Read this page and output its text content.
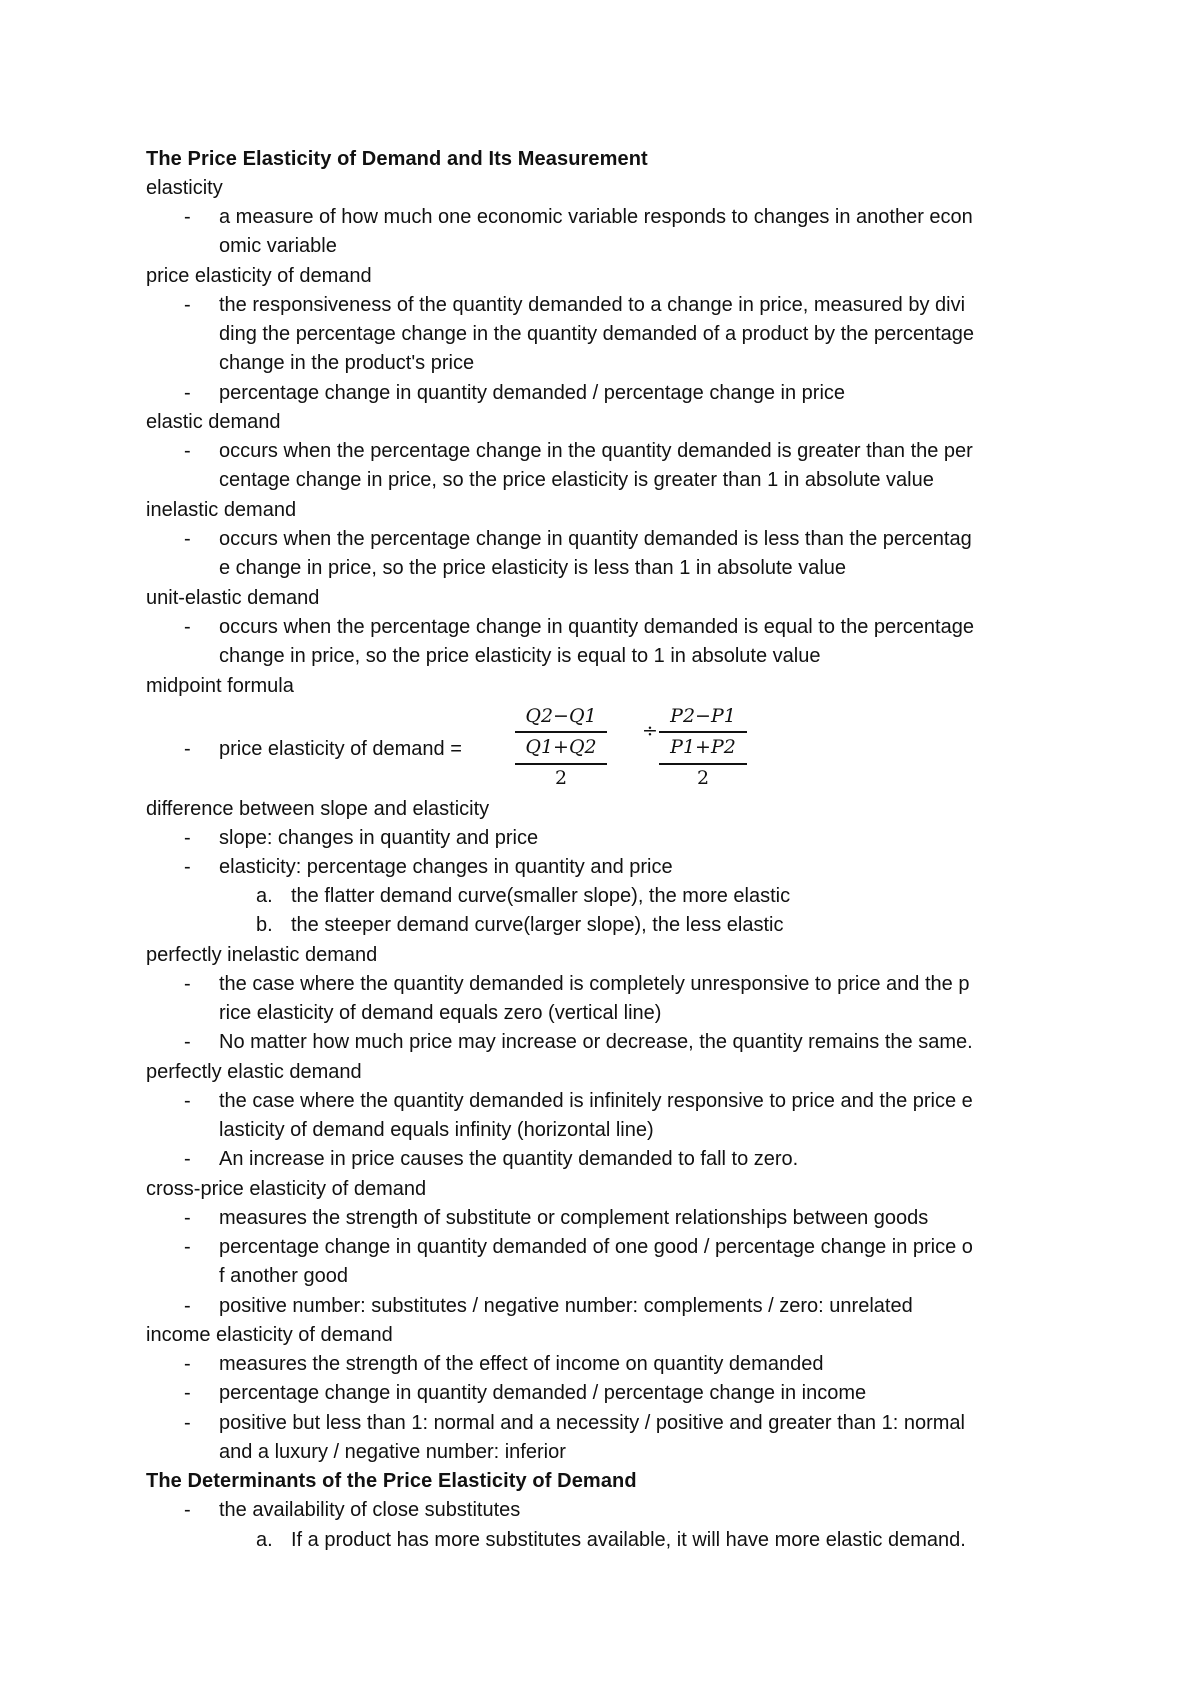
The Price Elasticity of Demand and Its Measurement
elasticity
- a measure of how much one economic variable responds to changes in another econ
omic variable
price elasticity of demand
- the responsiveness of the quantity demanded to a change in price, measured by divi
ding the percentage change in the quantity demanded of a product by the percentage
change in the product's price
- percentage change in quantity demanded / percentage change in price
elastic demand
- occurs when the percentage change in the quantity demanded is greater than the per
centage change in price, so the price elasticity is greater than 1 in absolute value
inelastic demand
- occurs when the percentage change in quantity demanded is less than the percentag
e change in price, so the price elasticity is less than 1 in absolute value
unit-elastic demand
- occurs when the percentage change in quantity demanded is equal to the percentage
change in price, so the price elasticity is equal to 1 in absolute value
midpoint formula
- price elasticity of demand =
Q2−Q1
Q1+Q2
2
÷
P2−P1
P1+P2
2
difference between slope and elasticity
- slope: changes in quantity and price
- elasticity: percentage changes in quantity and price
a. the flatter demand curve(smaller slope), the more elastic
b. the steeper demand curve(larger slope), the less elastic
perfectly inelastic demand
- the case where the quantity demanded is completely unresponsive to price and the p
rice elasticity of demand equals zero (vertical line)
- No matter how much price may increase or decrease, the quantity remains the same.
perfectly elastic demand
- the case where the quantity demanded is infinitely responsive to price and the price e
lasticity of demand equals infinity (horizontal line)
- An increase in price causes the quantity demanded to fall to zero.
cross-price elasticity of demand
- measures the strength of substitute or complement relationships between goods
- percentage change in quantity demanded of one good / percentage change in price o
f another good
- positive number: substitutes / negative number: complements / zero: unrelated
income elasticity of demand
- measures the strength of the effect of income on quantity demanded
- percentage change in quantity demanded / percentage change in income
- positive but less than 1: normal and a necessity / positive and greater than 1: normal
and a luxury / negative number: inferior
The Determinants of the Price Elasticity of Demand
- the availability of close substitutes
a. If a product has more substitutes available, it will have more elastic demand.
